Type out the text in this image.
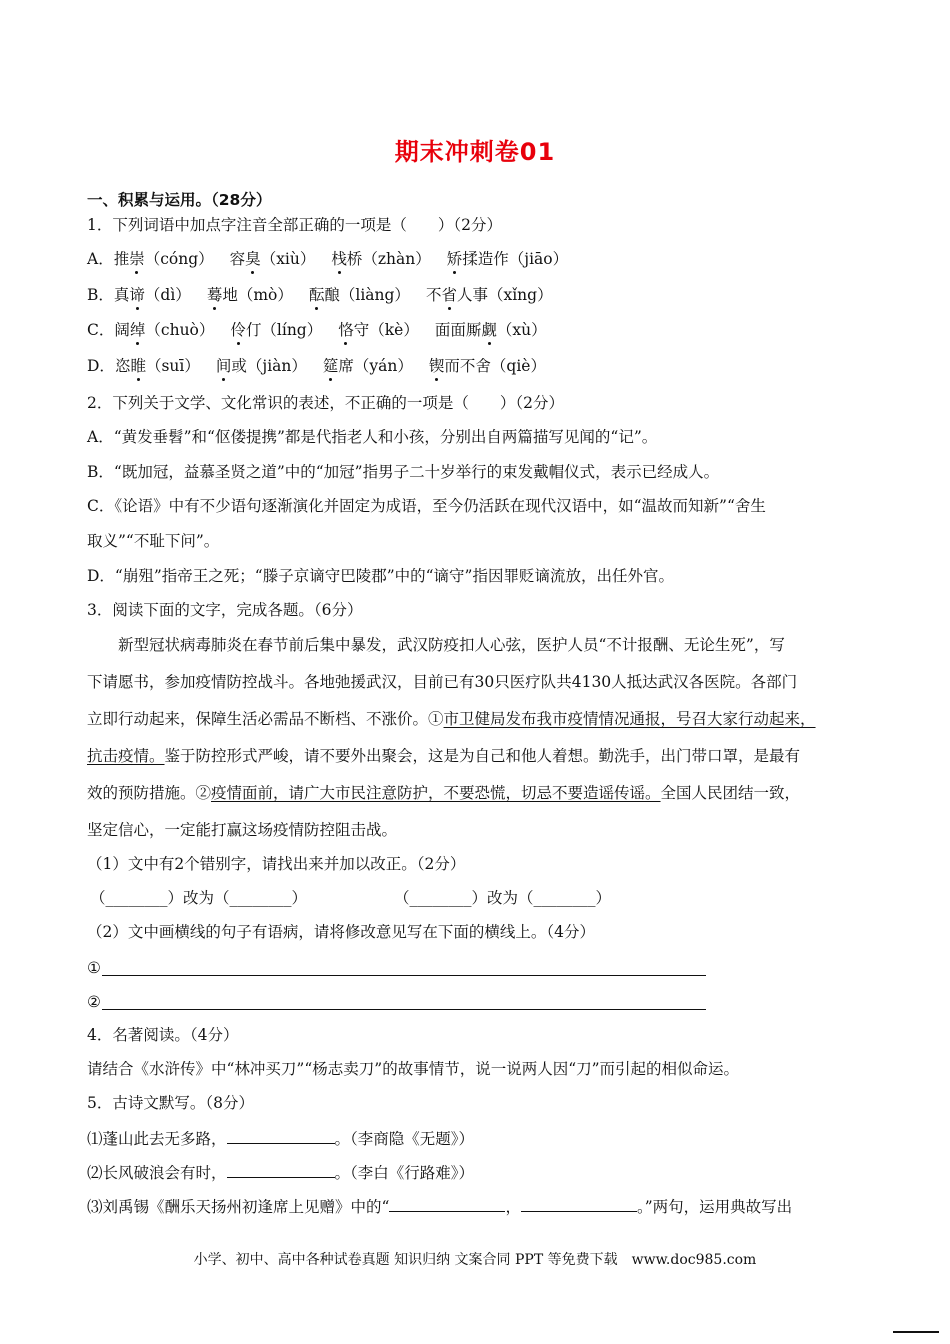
期末冲刺卷01
一、积累与运用。（28分）
1．下列词语中加点字注音全部正确的一项是（　　）（2分）
A．推崇（cóng） 容臭（xiù） 栈桥（zhàn） 矫揉造作（jiāo）
B．真谛（dì） 蓦地（mò） 酝酿（liàng） 不省人事（xǐng）
C．阔绰（chuò） 伶仃（líng） 恪守（kè） 面面厮觑（xù）
D．恣睢（suī） 间或（jiàn） 筵席（yán） 锲而不舍（qiè）
2．下列关于文学、文化常识的表述，不正确的一项是（　　）（2分）
A．“黄发垂髫”和“伛偻提携”都是代指老人和小孩，分别出自两篇描写见闻的“记”。
B．“既加冠，益慕圣贤之道”中的“加冠”指男子二十岁举行的束发戴帽仪式，表示已经成人。
C．《论语》中有不少语句逐渐演化并固定为成语，至今仍活跃在现代汉语中，如“温故而知新”“舍生
取义”“不耻下问”。
D．“崩殂”指帝王之死；“滕子京谪守巴陵郡”中的“谪守”指因罪贬谪流放，出任外官。
3．阅读下面的文字，完成各题。（6分）
　　新型冠状病毒肺炎在春节前后集中暴发，武汉防疫扣人心弦，医护人员“不计报酬、无论生死”，写
下请愿书，参加疫情防控战斗。各地弛援武汉，目前已有30只医疗队共4130人抵达武汉各医院。各部门
立即行动起来，保障生活必需品不断档、不涨价。①市卫健局发布我市疫情情况通报，号召大家行动起来，
抗击疫情。鉴于防控形式严峻，请不要外出聚会，这是为自己和他人着想。勤洗手，出门带口罩，是最有
效的预防措施。②疫情面前，请广大市民注意防护，不要恐慌，切忌不要造谣传谣。全国人民团结一致，
坚定信心，一定能打赢这场疫情防控阻击战。
（1）文中有2个错别字，请找出来并加以改正。（2分）
（________）改为（________）	（________）改为（________）
（2）文中画横线的句子有语病，请将修改意见写在下面的横线上。（4分）
①
②
4．名著阅读。（4分）
请结合《水浒传》中“林冲买刀”“杨志卖刀”的故事情节，说一说两人因“刀”而引起的相似命运。
5．古诗文默写。（8分）
⑴蓬山此去无多路，	。（李商隐《无题》）
⑵长风破浪会有时，	。（李白《行路难》）
⑶刘禹锡《酬乐天扬州初逢席上见赠》中的“	，	。”两句，运用典故写出
小学、初中、高中各种试卷真题 知识归纳 文案合同 PPT 等免费下载　www.doc985.com
